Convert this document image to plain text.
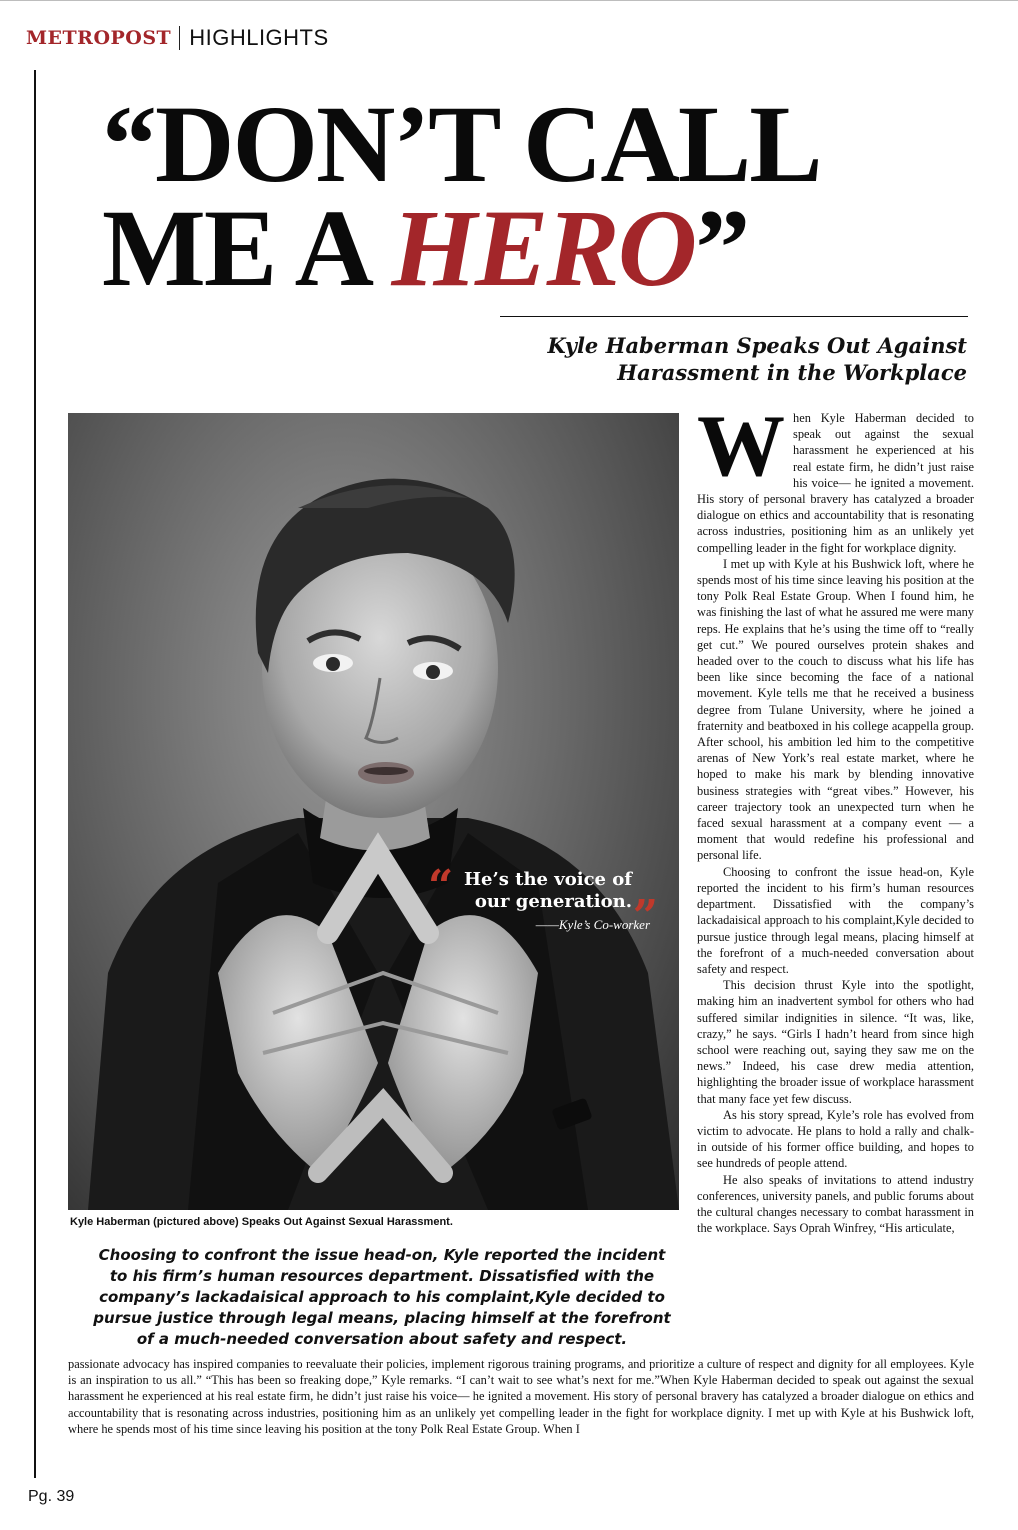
METROPOST HIGHLIGHTS
“DON’T CALL
ME A HERO”
Kyle Haberman Speaks Out Against
Harassment in the Workplace
“ He’s the voice of our generation. ”
——Kyle’s Co-worker
Kyle Haberman (pictured above) Speaks Out Against Sexual Harassment.
Choosing to confront the issue head-on, Kyle reported the incident to his firm’s human resources department. Dissatisfied with the company’s lackadaisical approach to his complaint,Kyle decided to pursue justice through legal means, placing himself at the forefront of a much-needed conversation about safety and respect.
W hen Kyle Haberman decided to speak out against the sexual harassment he experienced at his real estate firm, he didn’t just raise his voice— he ignited a movement. His story of personal bravery has catalyzed a broader dialogue on ethics and accountability that is resonating across industries, positioning him as an unlikely yet compelling leader in the fight for workplace dignity.

I met up with Kyle at his Bushwick loft, where he spends most of his time since leaving his position at the tony Polk Real Estate Group. When I found him, he was finishing the last of what he assured me were many reps. He explains that he’s using the time off to “really get cut.” We poured ourselves protein shakes and headed over to the couch to discuss what his life has been like since becoming the face of a national movement. Kyle tells me that he received a business degree from Tulane University, where he joined a fraternity and beatboxed in his college acappella group. After school, his ambition led him to the competitive arenas of New York’s real estate market, where he hoped to make his mark by blending innovative business strategies with “great vibes.” However, his career trajectory took an unexpected turn when he faced sexual harassment at a company event — a moment that would redefine his professional and personal life.

Choosing to confront the issue head-on, Kyle reported the incident to his firm’s human resources department. Dissatisfied with the company’s lackadaisical approach to his complaint,Kyle decided to pursue justice through legal means, placing himself at the forefront of a much-needed conversation about safety and respect.

This decision thrust Kyle into the spotlight, making him an inadvertent symbol for others who had suffered similar indignities in silence. “It was, like, crazy,” he says. “Girls I hadn’t heard from since high school were reaching out, saying they saw me on the news.” Indeed, his case drew media attention, highlighting the broader issue of workplace harassment that many face yet few discuss.

As his story spread, Kyle’s role has evolved from victim to advocate. He plans to hold a rally and chalk-in outside of his former office building, and hopes to see hundreds of people attend.

He also speaks of invitations to attend industry conferences, university panels, and public forums about the cultural changes necessary to combat harassment in the workplace. Says Oprah Winfrey, “His articulate,

passionate advocacy has inspired companies to reevaluate their policies, implement rigorous training programs, and prioritize a culture of respect and dignity for all employees. Kyle is an inspiration to us all.” “This has been so freaking dope,” Kyle remarks. “I can’t wait to see what’s next for me.”When Kyle Haberman decided to speak out against the sexual harassment he experienced at his real estate firm, he didn’t just raise his voice— he ignited a movement. His story of personal bravery has catalyzed a broader dialogue on ethics and accountability that is resonating across industries, positioning him as an unlikely yet compelling leader in the fight for workplace dignity. I met up with Kyle at his Bushwick loft, where he spends most of his time since leaving his position at the tony Polk Real Estate Group. When I
Pg. 39
